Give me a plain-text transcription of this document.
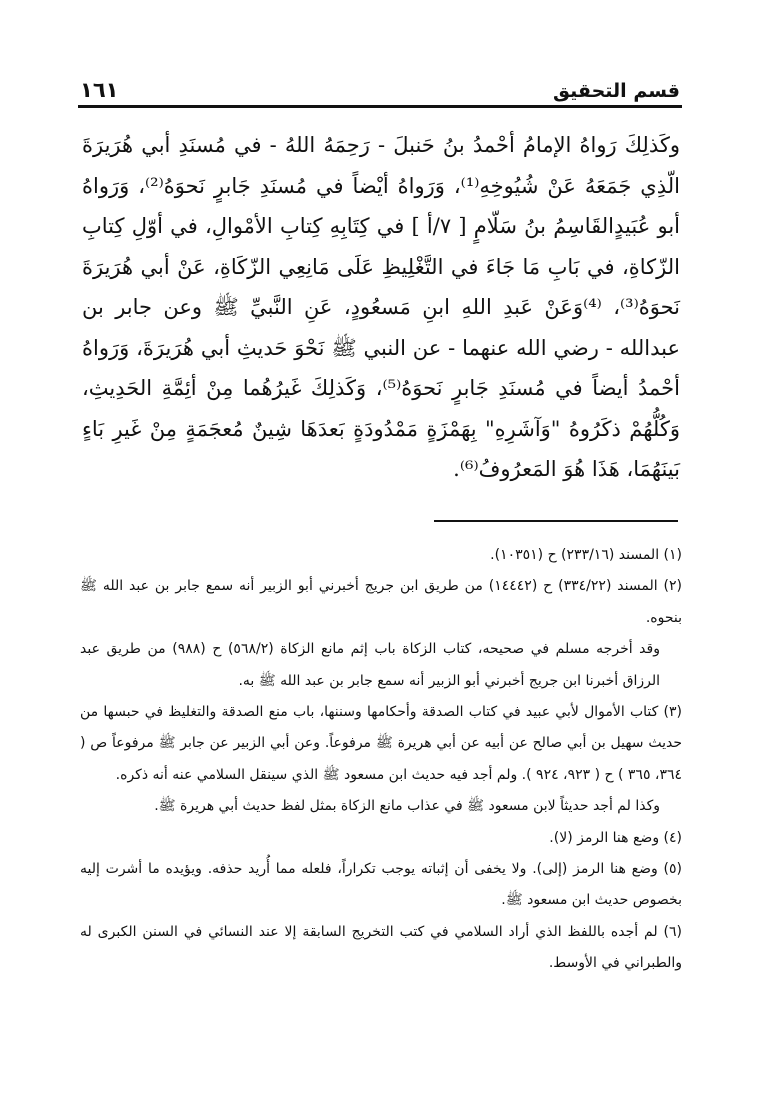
قسم التحقيق
١٦١

وكَذلِكَ رَواهُ الإمامُ أحْمدُ بنُ حَنبلَ - رَحِمَهُ اللهُ - في مُسنَدِ أبي هُرَيرَةَ الّذِي جَمَعَهُ عَنْ شُيُوخِهِ⁽¹⁾، وَرَواهُ أيْضاً في مُسنَدِ جَابرٍ نَحوَهُ⁽²⁾، وَرَواهُ أبو عُبَيدٍالقَاسِمُ بنُ سَلّامٍ [ ٧/أ ] في كِتَابِهِ كِتابِ الأمْوالِ، في أوّلِ كِتابِ الزّكاةِ، في بَابِ مَا جَاءَ في التَّغْلِيظِ عَلَى مَانِعِي الزّكَاةِ، عَنْ أبي هُرَيرَةَ نَحوَهُ⁽³⁾، ⁽⁴⁾وَعَنْ عَبدِ اللهِ ابنِ مَسعُودٍ، عَنِ النَّبيِّ ﷺ وعن جابر بن عبدالله - رضي الله عنهما - عن النبي ﷺ نَحْوَ حَديثِ أبي هُرَيرَةَ، وَرَواهُ أحْمدُ أيضاً في مُسنَدِ جَابرٍ نَحوَهُ⁽⁵⁾، وَكَذلِكَ غَيرُهُما مِنْ أئِمَّةِ الحَدِيثِ، وَكُلُّهُمْ ذكَرُوهُ "وَآشَرِهِ" بِهَمْزَةٍ مَمْدُودَةٍ بَعدَهَا شِينٌ مُعجَمَةٍ مِنْ غَيرِ بَاءٍ بَينَهُمَا، هَذَا هُوَ المَعرُوفُ⁽⁶⁾.

(١) المسند (٢٣٣/١٦) ح (١٠٣٥١).
(٢) المسند (٣٣٤/٢٢) ح (١٤٤٤٢) من طريق ابن جريج أخبرني أبو الزبير أنه سمع جابر بن عبد الله ﷺ بنحوه.
وقد أخرجه مسلم في صحيحه، كتاب الزكاة باب إثم مانع الزكاة (٥٦٨/٢) ح (٩٨٨) من طريق عبد الرزاق أخبرنا ابن جريج أخبرني أبو الزبير أنه سمع جابر بن عبد الله ﷺ به.
(٣) كتاب الأموال لأبي عبيد في كتاب الصدقة وأحكامها وسننها، باب منع الصدقة والتغليظ في حبسها من حديث سهيل بن أبي صالح عن أبيه عن أبي هريرة ﷺ مرفوعاً. وعن أبي الزبير عن جابر ﷺ مرفوعاً ص ( ٣٦٤، ٣٦٥ ) ح ( ٩٢٣، ٩٢٤ ). ولم أجد فيه حديث ابن مسعود ﷺ الذي سينقل السلامي عنه أنه ذكره.
وكذا لم أجد حديثاً لابن مسعود ﷺ في عذاب مانع الزكاة بمثل لفظ حديث أبي هريرة ﷺ.
(٤) وضع هنا الرمز (لا).
(٥) وضع هنا الرمز (إلى). ولا يخفى أن إثباته يوجب تكراراً، فلعله مما أُريد حذفه. ويؤيده ما أشرت إليه بخصوص حديث ابن مسعود ﷺ.
(٦) لم أجده باللفظ الذي أراد السلامي في كتب التخريج السابقة إلا عند النسائي في السنن الكبرى له والطبراني في الأوسط.
